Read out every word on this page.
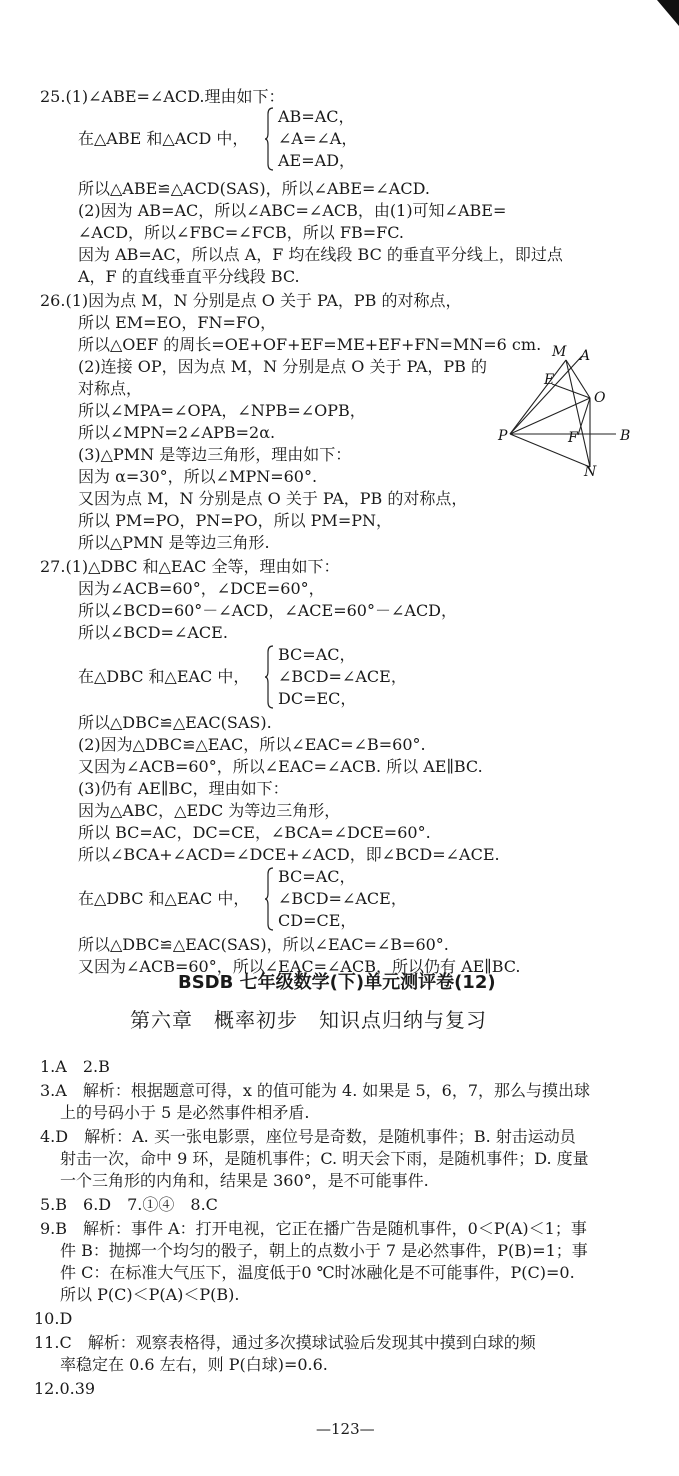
25.(1)∠ABE=∠ACD.理由如下：
所以△ABE≌△ACD(SAS)，所以∠ABE=∠ACD.
(2)因为 AB=AC，所以∠ABC=∠ACB，由(1)可知∠ABE=
∠ACD，所以∠FBC=∠FCB，所以 FB=FC.
因为 AB=AC，所以点 A，F 均在线段 BC 的垂直平分线上，即过点
A，F 的直线垂直平分线段 BC.
26.(1)因为点 M，N 分别是点 O 关于 PA，PB 的对称点，
所以 EM=EO，FN=FO，
所以△OEF 的周长=OE+OF+EF=ME+EF+FN=MN=6 cm.
(2)连接 OP，因为点 M，N 分别是点 O 关于 PA，PB 的
对称点，
所以∠MPA=∠OPA，∠NPB=∠OPB，
所以∠MPN=2∠APB=2α.
(3)△PMN 是等边三角形，理由如下：
因为 α=30°，所以∠MPN=60°.
又因为点 M，N 分别是点 O 关于 PA，PB 的对称点，
所以 PM=PO，PN=PO，所以 PM=PN，
所以△PMN 是等边三角形.
27.(1)△DBC 和△EAC 全等，理由如下：
因为∠ACB=60°，∠DCE=60°，
所以∠BCD=60°－∠ACD，∠ACE=60°－∠ACD，
所以∠BCD=∠ACE.
所以△DBC≌△EAC(SAS).
(2)因为△DBC≌△EAC，所以∠EAC=∠B=60°.
又因为∠ACB=60°，所以∠EAC=∠ACB. 所以 AE∥BC.
(3)仍有 AE∥BC，理由如下：
因为△ABC，△EDC 为等边三角形，
所以 BC=AC，DC=CE，∠BCA=∠DCE=60°.
所以∠BCA+∠ACD=∠DCE+∠ACD，即∠BCD=∠ACE.
所以△DBC≌△EAC(SAS)，所以∠EAC=∠B=60°.
又因为∠ACB=60°，所以∠EAC=∠ACB，所以仍有 AE∥BC.
1.A　2.B
3.A　解析：根据题意可得，x 的值可能为 4. 如果是 5，6，7，那么与摸出球
上的号码小于 5 是必然事件相矛盾.
4.D　解析：A. 买一张电影票，座位号是奇数，是随机事件；B. 射击运动员
射击一次，命中 9 环，是随机事件；C. 明天会下雨，是随机事件；D. 度量
一个三角形的内角和，结果是 360°，是不可能事件.
5.B　6.D　7.①④　8.C
9.B　解析：事件 A：打开电视，它正在播广告是随机事件，0＜P(A)＜1；事
件 B：抛掷一个均匀的骰子，朝上的点数小于 7 是必然事件，P(B)=1；事
件 C：在标准大气压下，温度低于0 ℃时冰融化是不可能事件，P(C)=0.
所以 P(C)＜P(A)＜P(B).
10.D
11.C　解析：观察表格得，通过多次摸球试验后发现其中摸到白球的频
率稳定在 0.6 左右，则 P(白球)=0.6.
12.0.39
在△ABE 和△ACD 中，
AB=AC，
∠A=∠A，
AE=AD，
在△DBC 和△EAC 中，
BC=AC，
∠BCD=∠ACE，
DC=EC，
在△DBC 和△EAC 中，
BC=AC，
∠BCD=∠ACE，
CD=CE，
M A
E
O
P	F	B
N
BSDB 七年级数学(下)单元测评卷(12)
第六章　概率初步　知识点归纳与复习
—123—
